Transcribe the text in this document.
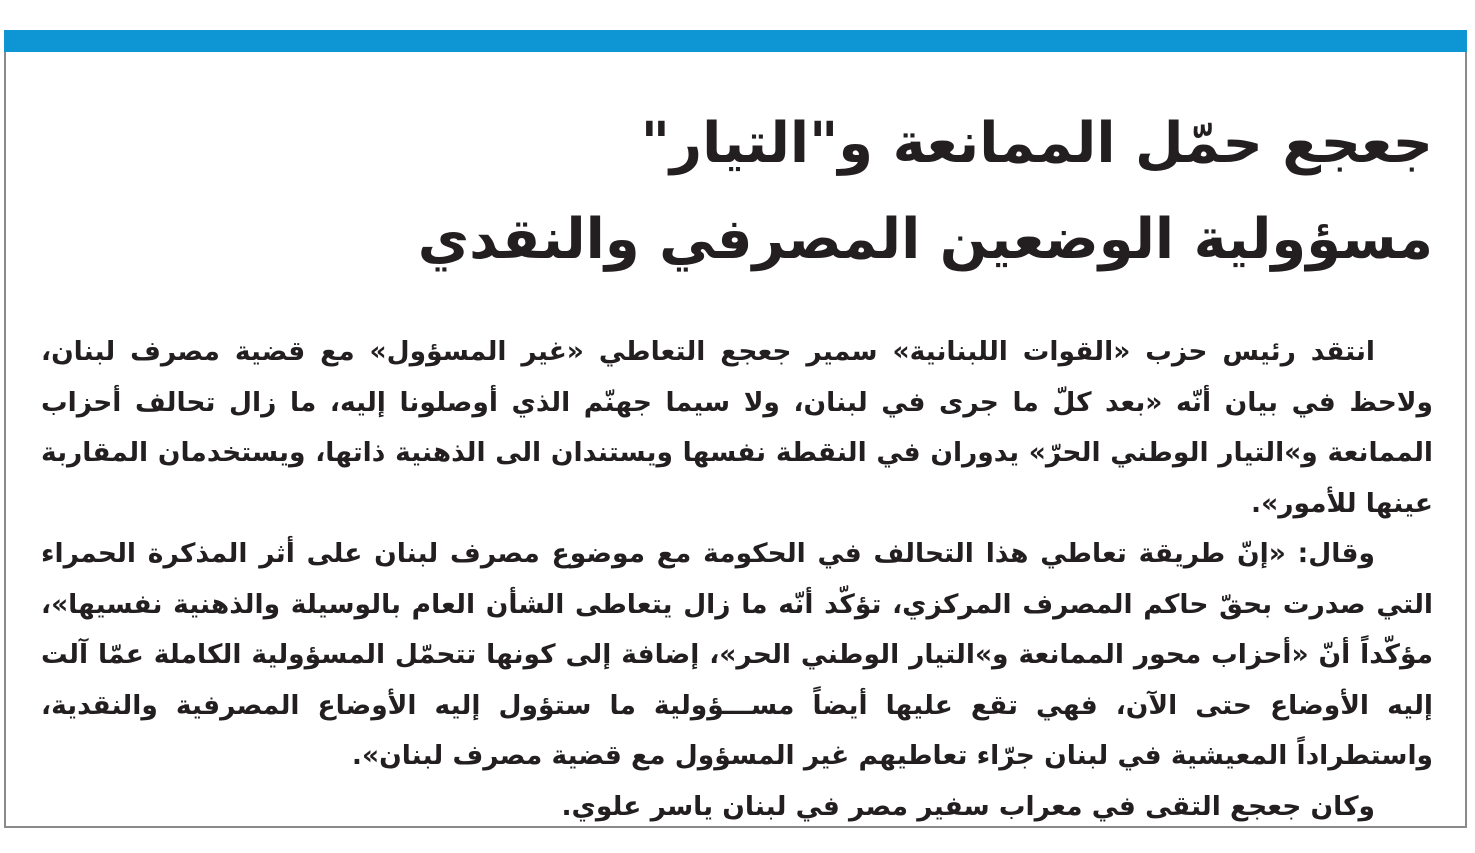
جعجع حمّل الممانعة و"التيار"
مسؤولية الوضعين المصرفي والنقدي

انتقد رئيس حزب «القوات اللبنانية» سمير جعجع التعاطي «غير المسؤول» مع قضية مصرف لبنان، ولاحظ في بيان أنّه «بعد كلّ ما جرى في لبنان، ولا سيما جهنّم الذي أوصلونا إليه، ما زال تحالف أحزاب الممانعة و»التيار الوطني الحرّ» يدوران في النقطة نفسها ويستندان الى الذهنية ذاتها، ويستخدمان المقاربة عينها للأمور».

وقال: «إنّ طريقة تعاطي هذا التحالف في الحكومة مع موضوع مصرف لبنان على أثر المذكرة الحمراء التي صدرت بحقّ حاكم المصرف المركزي، تؤكّد أنّه ما زال يتعاطى الشأن العام بالوسيلة والذهنية نفسيها»، مؤكّداً أنّ «أحزاب محور الممانعة و»التيار الوطني الحر»، إضافة إلى كونها تتحمّل المسؤولية الكاملة عمّا آلت إليه الأوضاع حتى الآن، فهي تقع عليها أيضاً مســـؤولية ما ستؤول إليه الأوضاع المصرفية والنقدية، واستطراداً المعيشية في لبنان جرّاء تعاطيهم غير المسؤول مع قضية مصرف لبنان».

وكان جعجع التقى في معراب سفير مصر في لبنان ياسر علوي.
